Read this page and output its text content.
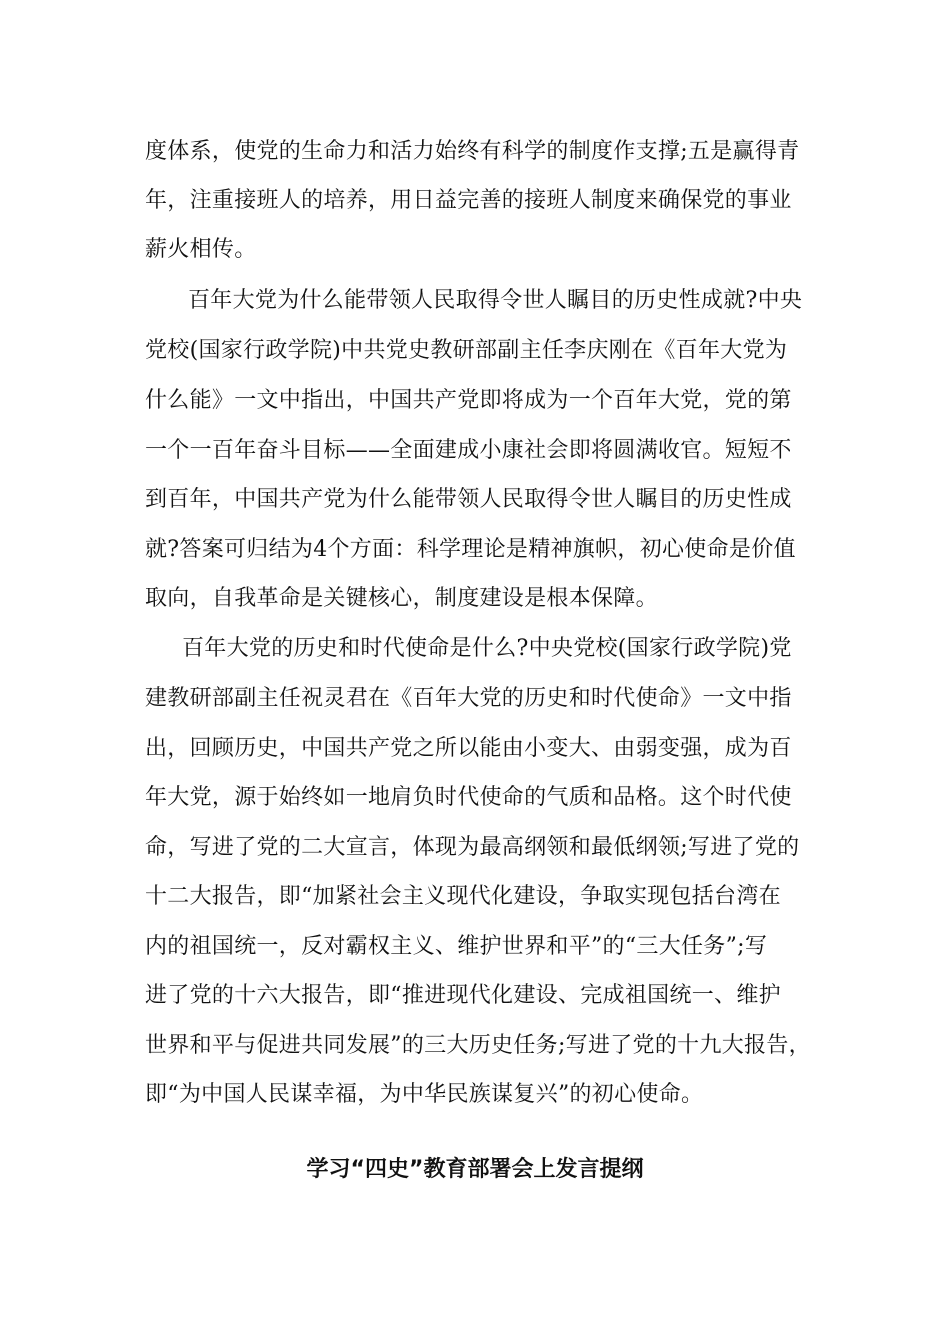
度体系，使党的生命力和活力始终有科学的制度作支撑;五是赢得青

年，注重接班人的培养，用日益完善的接班人制度来确保党的事业

薪火相传。

百年大党为什么能带领人民取得令世人瞩目的历史性成就?中央

党校(国家行政学院)中共党史教研部副主任李庆刚在《百年大党为

什么能》一文中指出，中国共产党即将成为一个百年大党，党的第

一个一百年奋斗目标——全面建成小康社会即将圆满收官。短短不

到百年，中国共产党为什么能带领人民取得令世人瞩目的历史性成

就?答案可归结为4个方面：科学理论是精神旗帜，初心使命是价值

取向，自我革命是关键核心，制度建设是根本保障。

百年大党的历史和时代使命是什么?中央党校(国家行政学院)党

建教研部副主任祝灵君在《百年大党的历史和时代使命》一文中指

出，回顾历史，中国共产党之所以能由小变大、由弱变强，成为百

年大党，源于始终如一地肩负时代使命的气质和品格。这个时代使

命，写进了党的二大宣言，体现为最高纲领和最低纲领;写进了党的

十二大报告，即“加紧社会主义现代化建设，争取实现包括台湾在

内的祖国统一，反对霸权主义、维护世界和平”的“三大任务”;写

进了党的十六大报告，即“推进现代化建设、完成祖国统一、维护

世界和平与促进共同发展”的三大历史任务;写进了党的十九大报告，

即“为中国人民谋幸福，为中华民族谋复兴”的初心使命。

学习“四史”教育部署会上发言提纲
